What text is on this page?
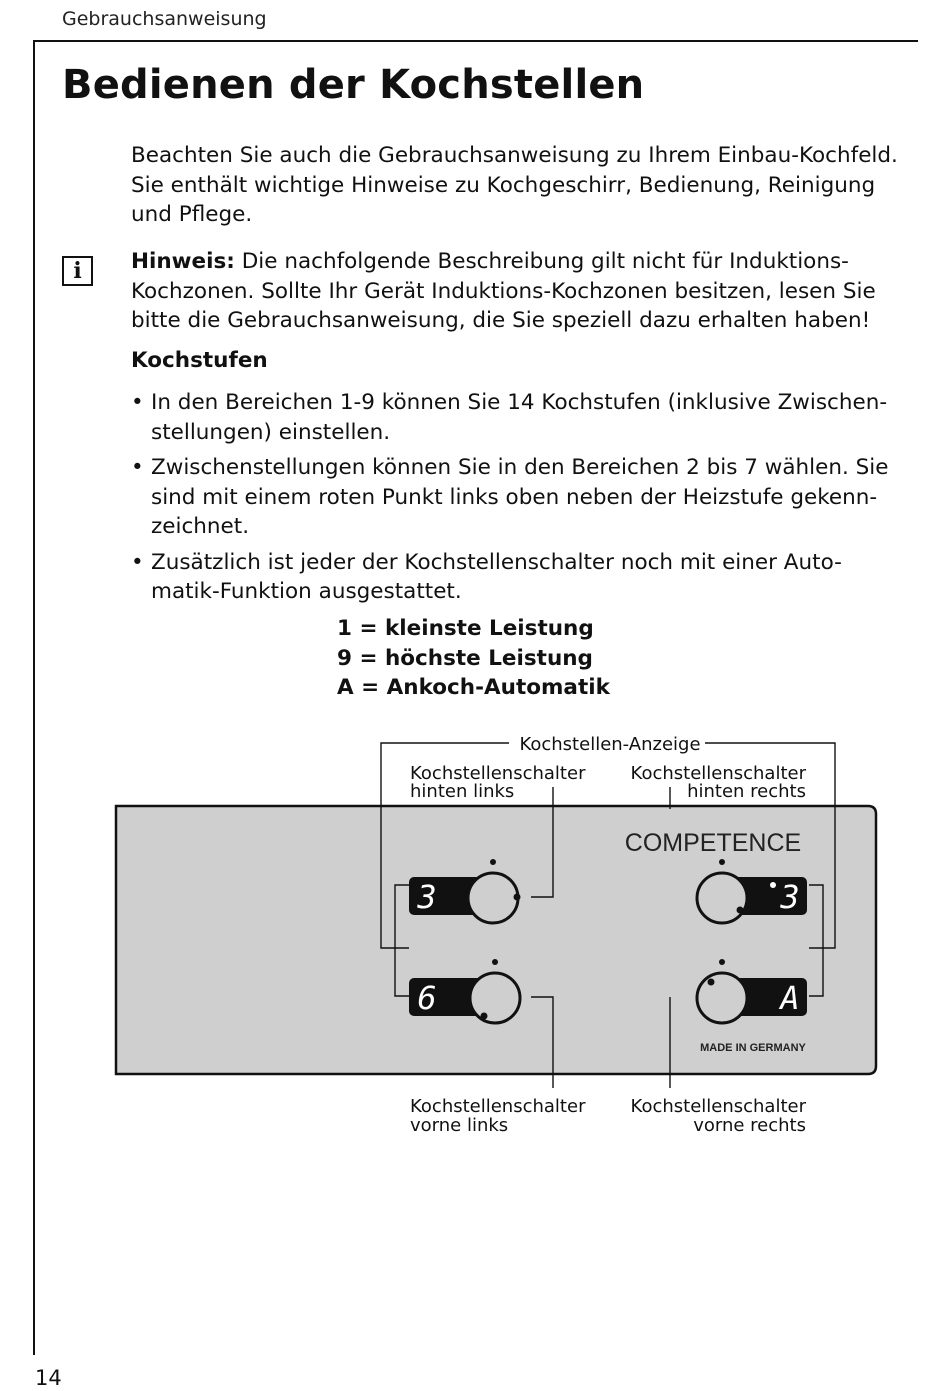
Gebrauchsanweisung
Bedienen der Kochstellen
Beachten Sie auch die Gebrauchsanweisung zu Ihrem Einbau-Kochfeld.
Sie enthält wichtige Hinweise zu Kochgeschirr, Bedienung, Reinigung
und Pflege.
i	Hinweis: Die nachfolgende Beschreibung gilt nicht für Induktions-
Kochzonen. Sollte Ihr Gerät Induktions-Kochzonen besitzen, lesen Sie
bitte die Gebrauchsanweisung, die Sie speziell dazu erhalten haben!
Kochstufen
• In den Bereichen 1-9 können Sie 14 Kochstufen (inklusive Zwischen-
stellungen) einstellen.
• Zwischenstellungen können Sie in den Bereichen 2 bis 7 wählen. Sie
sind mit einem roten Punkt links oben neben der Heizstufe gekenn-
zeichnet.
• Zusätzlich ist jeder der Kochstellenschalter noch mit einer Auto-
matik-Funktion ausgestattet.
1 = kleinste Leistung
9 = höchste Leistung
A = Ankoch-Automatik
COMPETENCE
MADE IN GERMANY
Kochstellen-Anzeige
Kochstellenschalter
hinten links
Kochstellenschalter
hinten rechts
Kochstellenschalter
vorne links
Kochstellenschalter
vorne rechts
3	3
6	A
14
